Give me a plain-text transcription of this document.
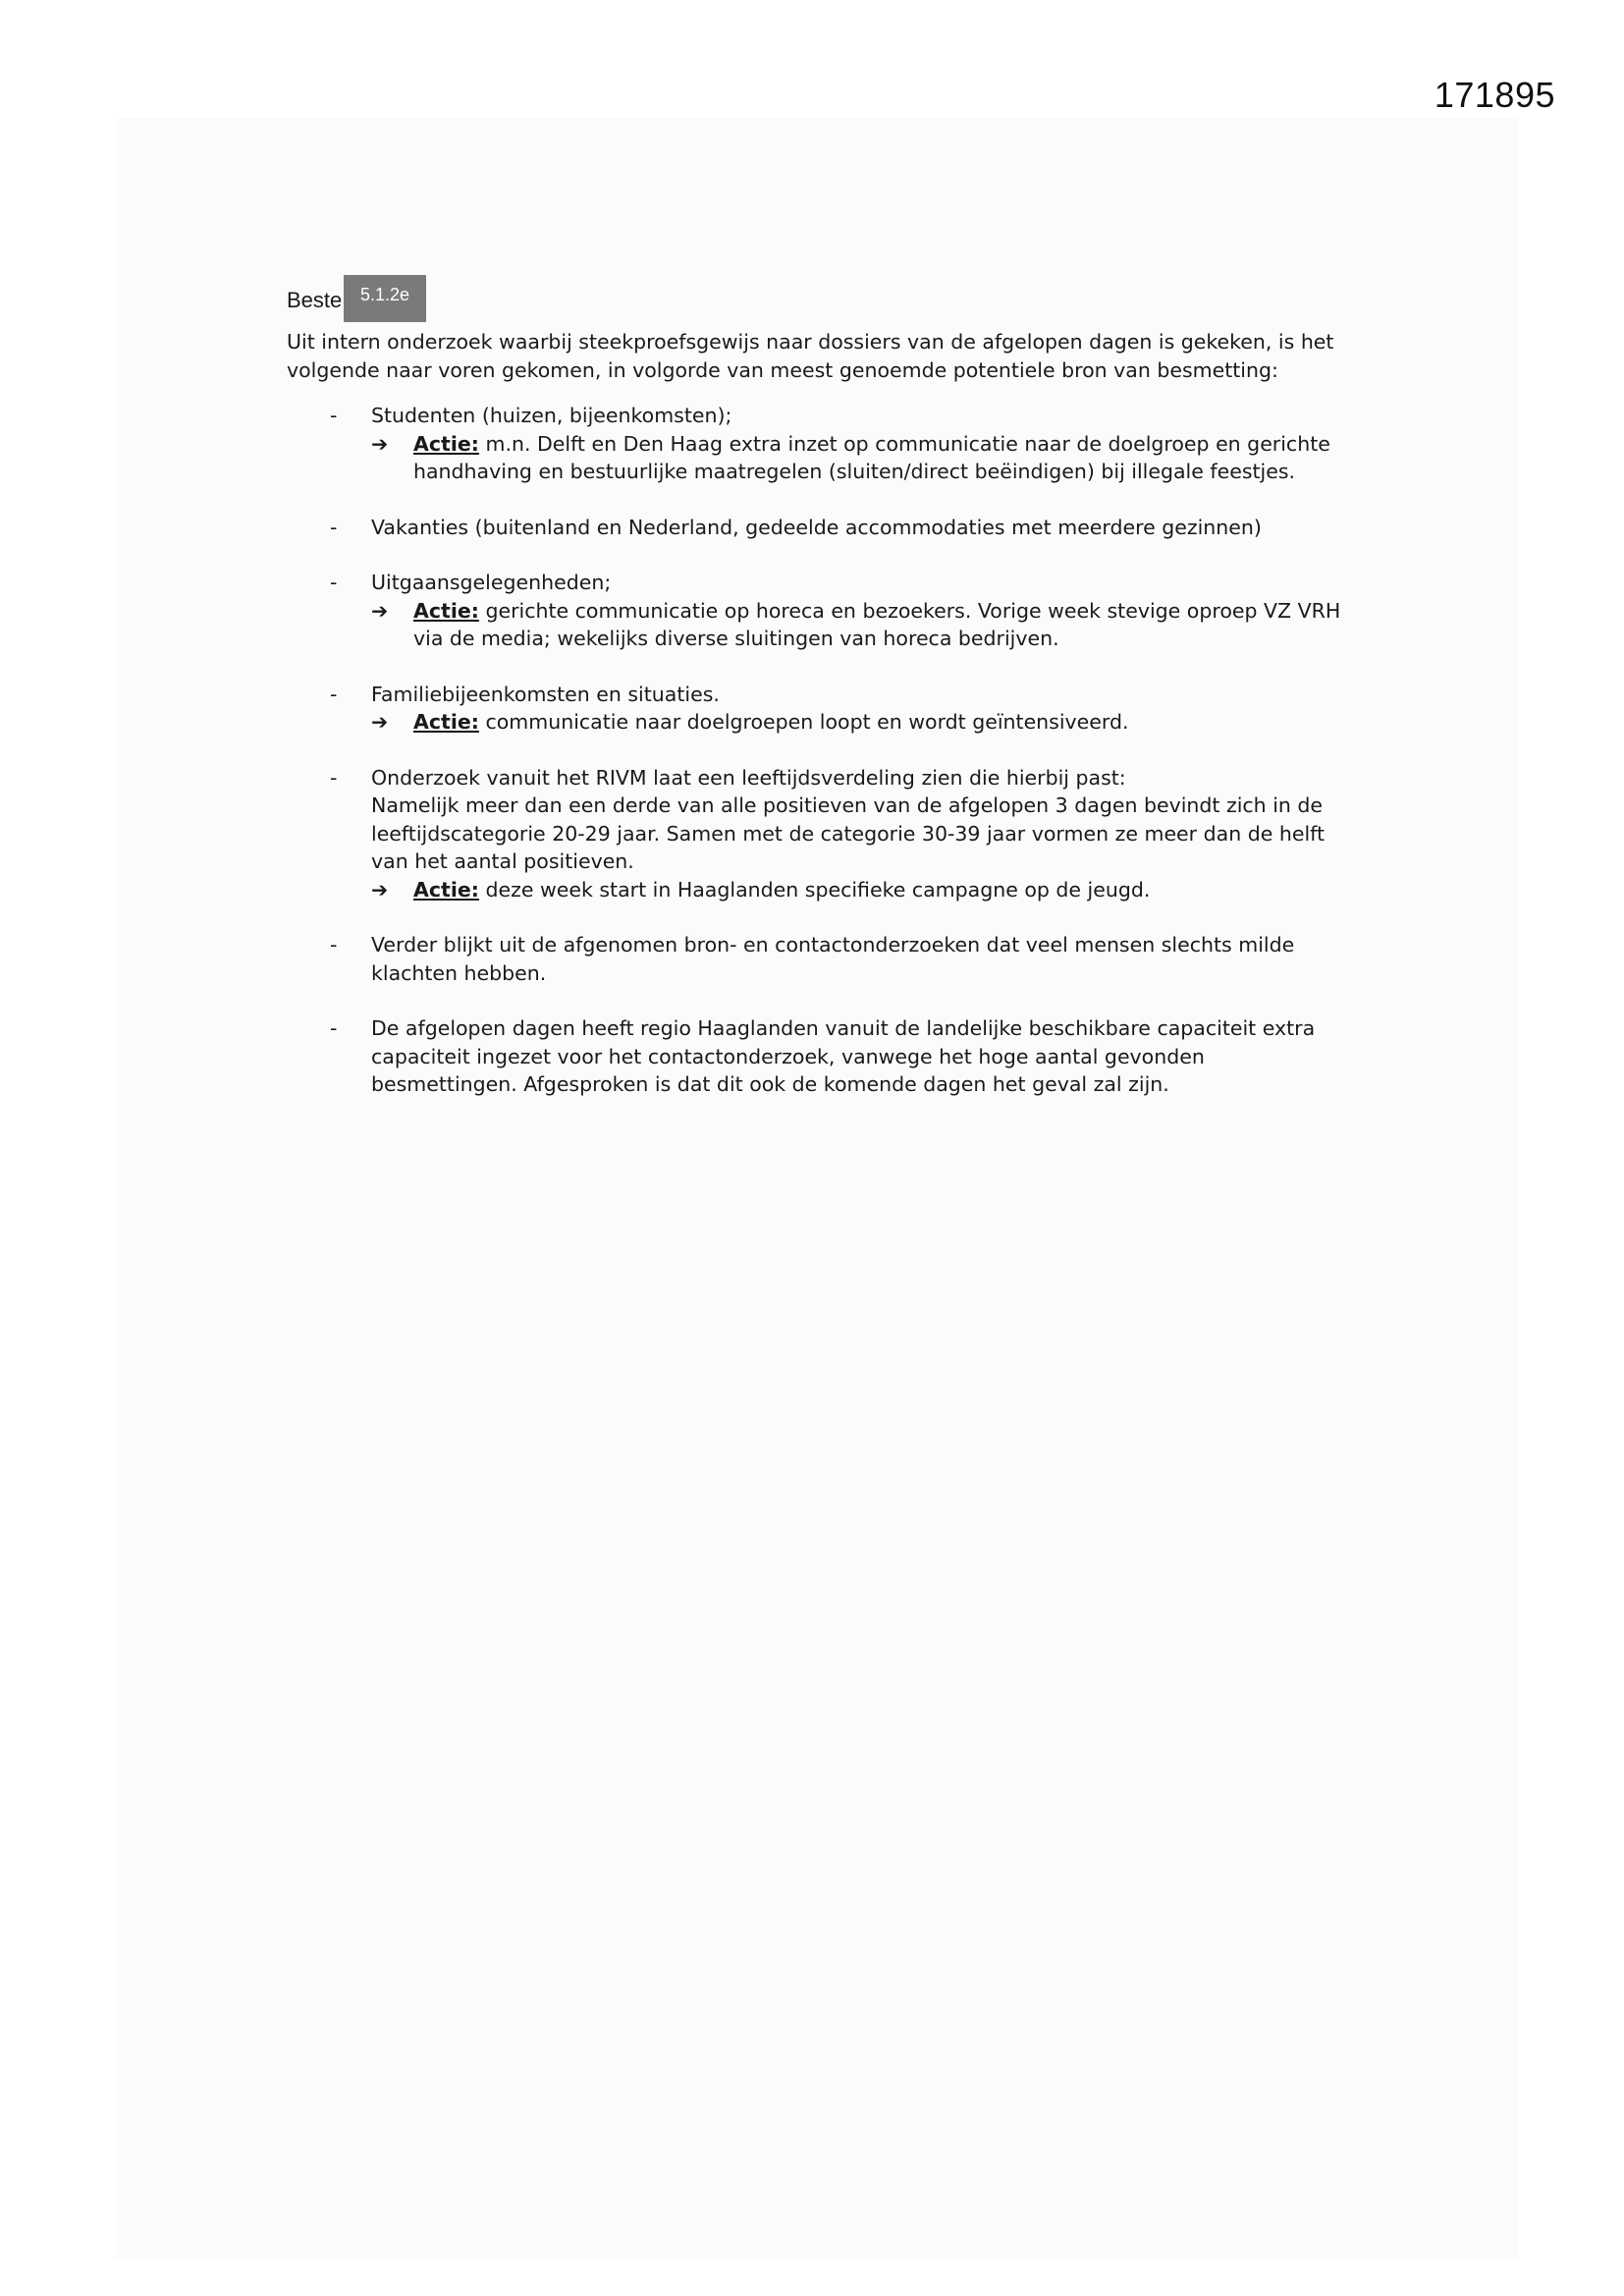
171895
Beste	5.1.2e

Uit intern onderzoek waarbij steekproefsgewijs naar dossiers van de afgelopen dagen is gekeken, is het volgende naar voren gekomen, in volgorde van meest genoemde potentiele bron van besmetting:

- Studenten (huizen, bijeenkomsten);
➔ Actie: m.n. Delft en Den Haag extra inzet op communicatie naar de doelgroep en gerichte handhaving en bestuurlijke maatregelen (sluiten/direct beëindigen) bij illegale feestjes.
- Vakanties (buitenland en Nederland, gedeelde accommodaties met meerdere gezinnen)
- Uitgaansgelegenheden;
➔ Actie: gerichte communicatie op horeca en bezoekers. Vorige week stevige oproep VZ VRH via de media; wekelijks diverse sluitingen van horeca bedrijven.
- Familiebijeenkomsten en situaties.
➔ Actie: communicatie naar doelgroepen loopt en wordt geïntensiveerd.
- Onderzoek vanuit het RIVM laat een leeftijdsverdeling zien die hierbij past:
Namelijk meer dan een derde van alle positieven van de afgelopen 3 dagen bevindt zich in de leeftijdscategorie 20-29 jaar. Samen met de categorie 30-39 jaar vormen ze meer dan de helft van het aantal positieven.
➔ Actie: deze week start in Haaglanden specifieke campagne op de jeugd.
- Verder blijkt uit de afgenomen bron- en contactonderzoeken dat veel mensen slechts milde klachten hebben.
- De afgelopen dagen heeft regio Haaglanden vanuit de landelijke beschikbare capaciteit extra capaciteit ingezet voor het contactonderzoek, vanwege het hoge aantal gevonden besmettingen. Afgesproken is dat dit ook de komende dagen het geval zal zijn.
